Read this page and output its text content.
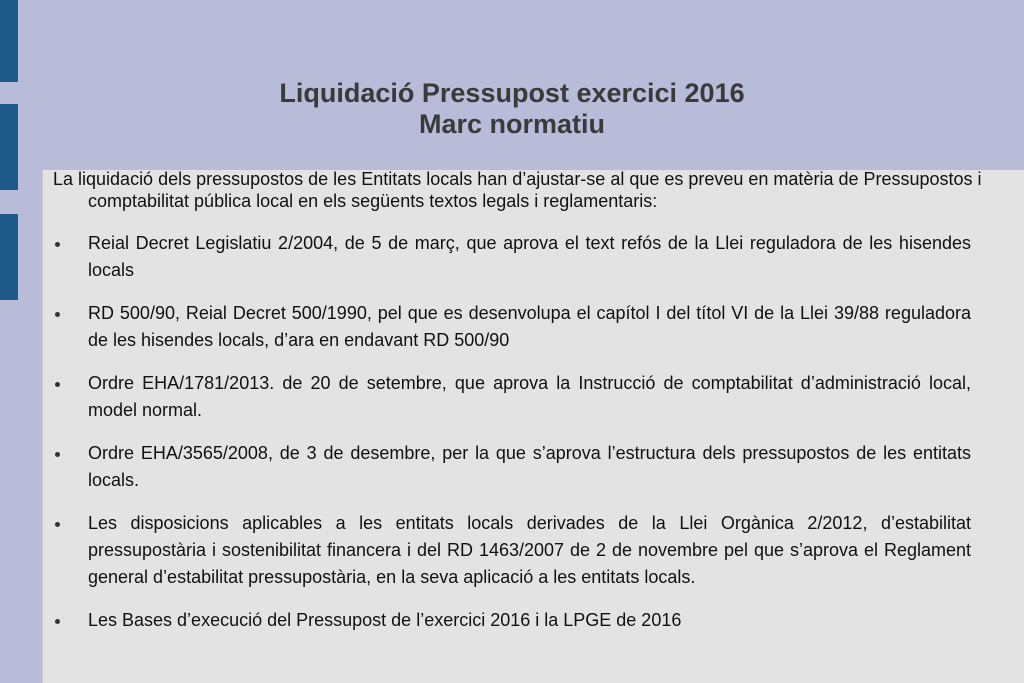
Liquidació Pressupost exercici 2016
Marc normatiu
La liquidació dels pressupostos de les Entitats locals han d’ajustar-se al que es preveu en matèria de Pressupostos i comptabilitat pública local en els següents textos legals i reglamentaris:
Reial Decret Legislatiu 2/2004, de 5 de març, que aprova el text refós de la Llei reguladora de les hisendes locals
RD 500/90, Reial Decret 500/1990, pel que es desenvolupa el capítol I del títol VI de la Llei 39/88 reguladora de les hisendes locals, d’ara en endavant RD 500/90
Ordre EHA/1781/2013. de 20 de setembre, que aprova la Instrucció de comptabilitat d’administració local, model normal.
Ordre EHA/3565/2008, de 3 de desembre, per la que s’aprova l’estructura dels pressupostos de les entitats locals.
Les disposicions aplicables a les entitats locals derivades de la Llei Orgànica 2/2012, d’estabilitat pressupostària i sostenibilitat financera i del RD 1463/2007 de 2 de novembre pel que s’aprova el Reglament general d’estabilitat pressupostària, en la seva aplicació a les entitats locals.
Les Bases d’execució del Pressupost de l’exercici 2016 i la LPGE de 2016
